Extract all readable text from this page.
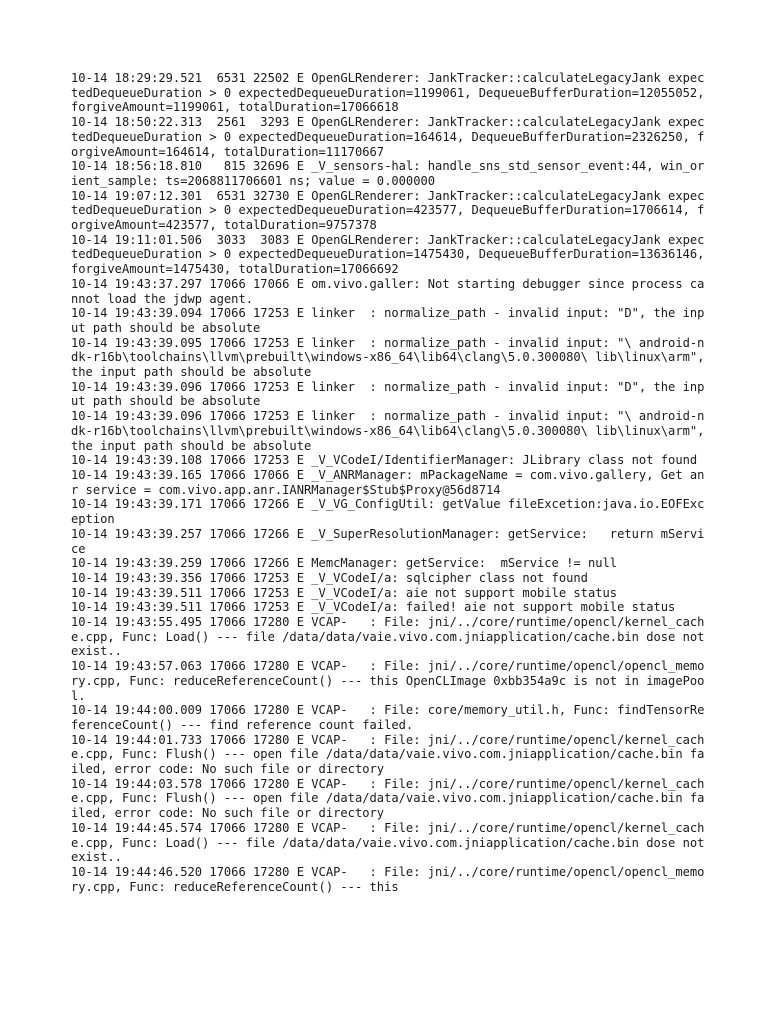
10-14 18:29:29.521  6531 22502 E OpenGLRenderer: JankTracker::calculateLegacyJank expectedDequeueDuration > 0 expectedDequeueDuration=1199061, DequeueBufferDuration=12055052, forgiveAmount=1199061, totalDuration=17066618

10-14 18:50:22.313  2561  3293 E OpenGLRenderer: JankTracker::calculateLegacyJank expectedDequeueDuration > 0 expectedDequeueDuration=164614, DequeueBufferDuration=2326250, forgiveAmount=164614, totalDuration=11170667

10-14 18:56:18.810   815 32696 E _V_sensors-hal: handle_sns_std_sensor_event:44, win_orient_sample: ts=2068811706601 ns; value = 0.000000

10-14 19:07:12.301  6531 32730 E OpenGLRenderer: JankTracker::calculateLegacyJank expectedDequeueDuration > 0 expectedDequeueDuration=423577, DequeueBufferDuration=1706614, forgiveAmount=423577, totalDuration=9757378

10-14 19:11:01.506  3033  3083 E OpenGLRenderer: JankTracker::calculateLegacyJank expectedDequeueDuration > 0 expectedDequeueDuration=1475430, DequeueBufferDuration=13636146, forgiveAmount=1475430, totalDuration=17066692

10-14 19:43:37.297 17066 17066 E om.vivo.galler: Not starting debugger since process cannot load the jdwp agent.

10-14 19:43:39.094 17066 17253 E linker  : normalize_path - invalid input: "D", the input path should be absolute

10-14 19:43:39.095 17066 17253 E linker  : normalize_path - invalid input: "\ android-ndk-r16b\toolchains\llvm\prebuilt\windows-x86_64\lib64\clang\5.0.300080\ lib\linux\arm", the input path should be absolute

10-14 19:43:39.096 17066 17253 E linker  : normalize_path - invalid input: "D", the input path should be absolute

10-14 19:43:39.096 17066 17253 E linker  : normalize_path - invalid input: "\ android-ndk-r16b\toolchains\llvm\prebuilt\windows-x86_64\lib64\clang\5.0.300080\ lib\linux\arm", the input path should be absolute

10-14 19:43:39.108 17066 17253 E _V_VCodeI/IdentifierManager: JLibrary class not found

10-14 19:43:39.165 17066 17066 E _V_ANRManager: mPackageName = com.vivo.gallery, Get anr service = com.vivo.app.anr.IANRManager$Stub$Proxy@56d8714

10-14 19:43:39.171 17066 17266 E _V_VG_ConfigUtil: getValue fileExcetion:java.io.EOFException

10-14 19:43:39.257 17066 17266 E _V_SuperResolutionManager: getService:   return mService

10-14 19:43:39.259 17066 17266 E MemcManager: getService:  mService != null

10-14 19:43:39.356 17066 17253 E _V_VCodeI/a: sqlcipher class not found

10-14 19:43:39.511 17066 17253 E _V_VCodeI/a: aie not support mobile status

10-14 19:43:39.511 17066 17253 E _V_VCodeI/a: failed! aie not support mobile status

10-14 19:43:55.495 17066 17280 E VCAP-   : File: jni/../core/runtime/opencl/kernel_cache.cpp, Func: Load() --- file /data/data/vaie.vivo.com.jniapplication/cache.bin dose not exist..

10-14 19:43:57.063 17066 17280 E VCAP-   : File: jni/../core/runtime/opencl/opencl_memory.cpp, Func: reduceReferenceCount() --- this OpenCLImage 0xbb354a9c is not in imagePool.

10-14 19:44:00.009 17066 17280 E VCAP-   : File: core/memory_util.h, Func: findTensorReferenceCount() --- find reference count failed.

10-14 19:44:01.733 17066 17280 E VCAP-   : File: jni/../core/runtime/opencl/kernel_cache.cpp, Func: Flush() --- open file /data/data/vaie.vivo.com.jniapplication/cache.bin failed, error code: No such file or directory

10-14 19:44:03.578 17066 17280 E VCAP-   : File: jni/../core/runtime/opencl/kernel_cache.cpp, Func: Flush() --- open file /data/data/vaie.vivo.com.jniapplication/cache.bin failed, error code: No such file or directory

10-14 19:44:45.574 17066 17280 E VCAP-   : File: jni/../core/runtime/opencl/kernel_cache.cpp, Func: Load() --- file /data/data/vaie.vivo.com.jniapplication/cache.bin dose not exist..

10-14 19:44:46.520 17066 17280 E VCAP-   : File: jni/../core/runtime/opencl/opencl_memory.cpp, Func: reduceReferenceCount() --- this
